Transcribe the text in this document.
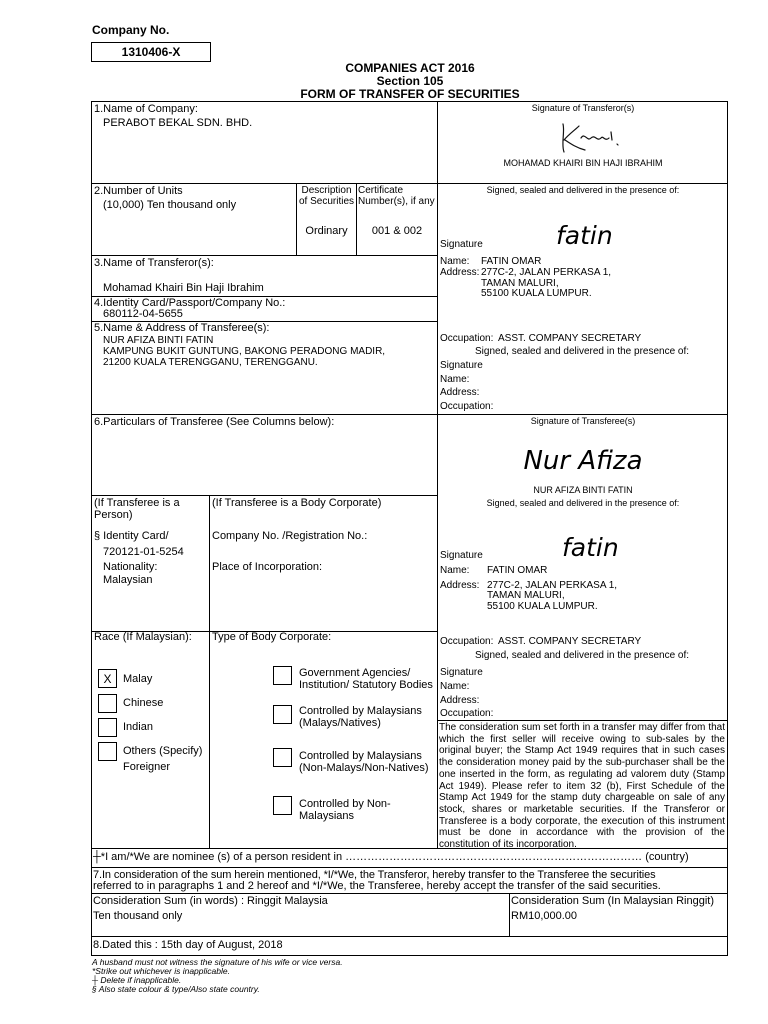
Company No.
1310406-X
COMPANIES ACT 2016
Section 105
FORM OF TRANSFER OF SECURITIES
1.Name of Company:
PERABOT BEKAL SDN. BHD.
Signature of Transferor(s)
MOHAMAD KHAIRI BIN HAJI IBRAHIM
2.Number of Units
(10,000) Ten thousand only
Description
of Securities
Ordinary
Certificate
Number(s), if any
001 & 002
Signed, sealed and delivered in the presence of:
Signature	fatin
Name: FATIN OMAR
Address: 277C-2, JALAN PERKASA 1,
TAMAN MALURI,
55100 KUALA LUMPUR.
Occupation: ASST. COMPANY SECRETARY
Signed, sealed and delivered in the presence of:
Signature
Name:
Address:
Occupation:
3.Name of Transferor(s):
Mohamad Khairi Bin Haji Ibrahim
4.Identity Card/Passport/Company No.:
680112-04-5655
5.Name & Address of Transferee(s):
NUR AFIZA BINTI FATIN
KAMPUNG BUKIT GUNTUNG, BAKONG PERADONG MADIR,
21200 KUALA TERENGGANU, TERENGGANU.
6.Particulars of Transferee (See Columns below):	Signature of Transferee(s)
Nur Afiza
NUR AFIZA BINTI FATIN
(If Transferee is a
Person)
§ Identity Card/
720121-01-5254
Nationality:
Malaysian
Race (If Malaysian):
X	Malay
Chinese
Indian
Others (Specify)
Foreigner
(If Transferee is a Body Corporate)
Company No. /Registration No.:
Place of Incorporation:
Type of Body Corporate:
Government Agencies/
Institution/ Statutory Bodies
Controlled by Malaysians
(Malays/Natives)
Controlled by Malaysians
(Non-Malays/Non-Natives)
Controlled by Non-
Malaysians
Signed, sealed and delivered in the presence of:
Signature	fatin
Name: FATIN OMAR
Address: 277C-2, JALAN PERKASA 1,
TAMAN MALURI,
55100 KUALA LUMPUR.
Occupation: ASST. COMPANY SECRETARY
Signed, sealed and delivered in the presence of:
Signature
Name:
Address:
Occupation:
The consideration sum set forth in a transfer may differ from that
which the first seller will receive owing to sub-sales by the
original buyer; the Stamp Act 1949 requires that in such cases
the consideration money paid by the sub-purchaser shall be the
one inserted in the form, as regulating ad valorem duty (Stamp
Act 1949). Please refer to item 32 (b), First Schedule of the
Stamp Act 1949 for the stamp duty chargeable on sale of any
stock, shares or marketable securities. If the Transferor or
Transferee is a body corporate, the execution of this instrument
must be done in accordance with the provision of the
constitution of its incorporation.
┼*I am/*We are nominee (s) of a person resident in ……………………………………………………………………… (country)
7.In consideration of the sum herein mentioned, *I/*We, the Transferor, hereby transfer to the Transferee the securities
referred to in paragraphs 1 and 2 hereof and *I/*We, the Transferee, hereby accept the transfer of the said securities.
Consideration Sum (in words) : Ringgit Malaysia
Ten thousand only
Consideration Sum (In Malaysian Ringgit)
RM10,000.00
8.Dated this : 15th day of August, 2018
A husband must not witness the signature of his wife or vice versa.
*Strike out whichever is inapplicable.
┼ Delete if inapplicable.
§ Also state colour & type/Also state country.
